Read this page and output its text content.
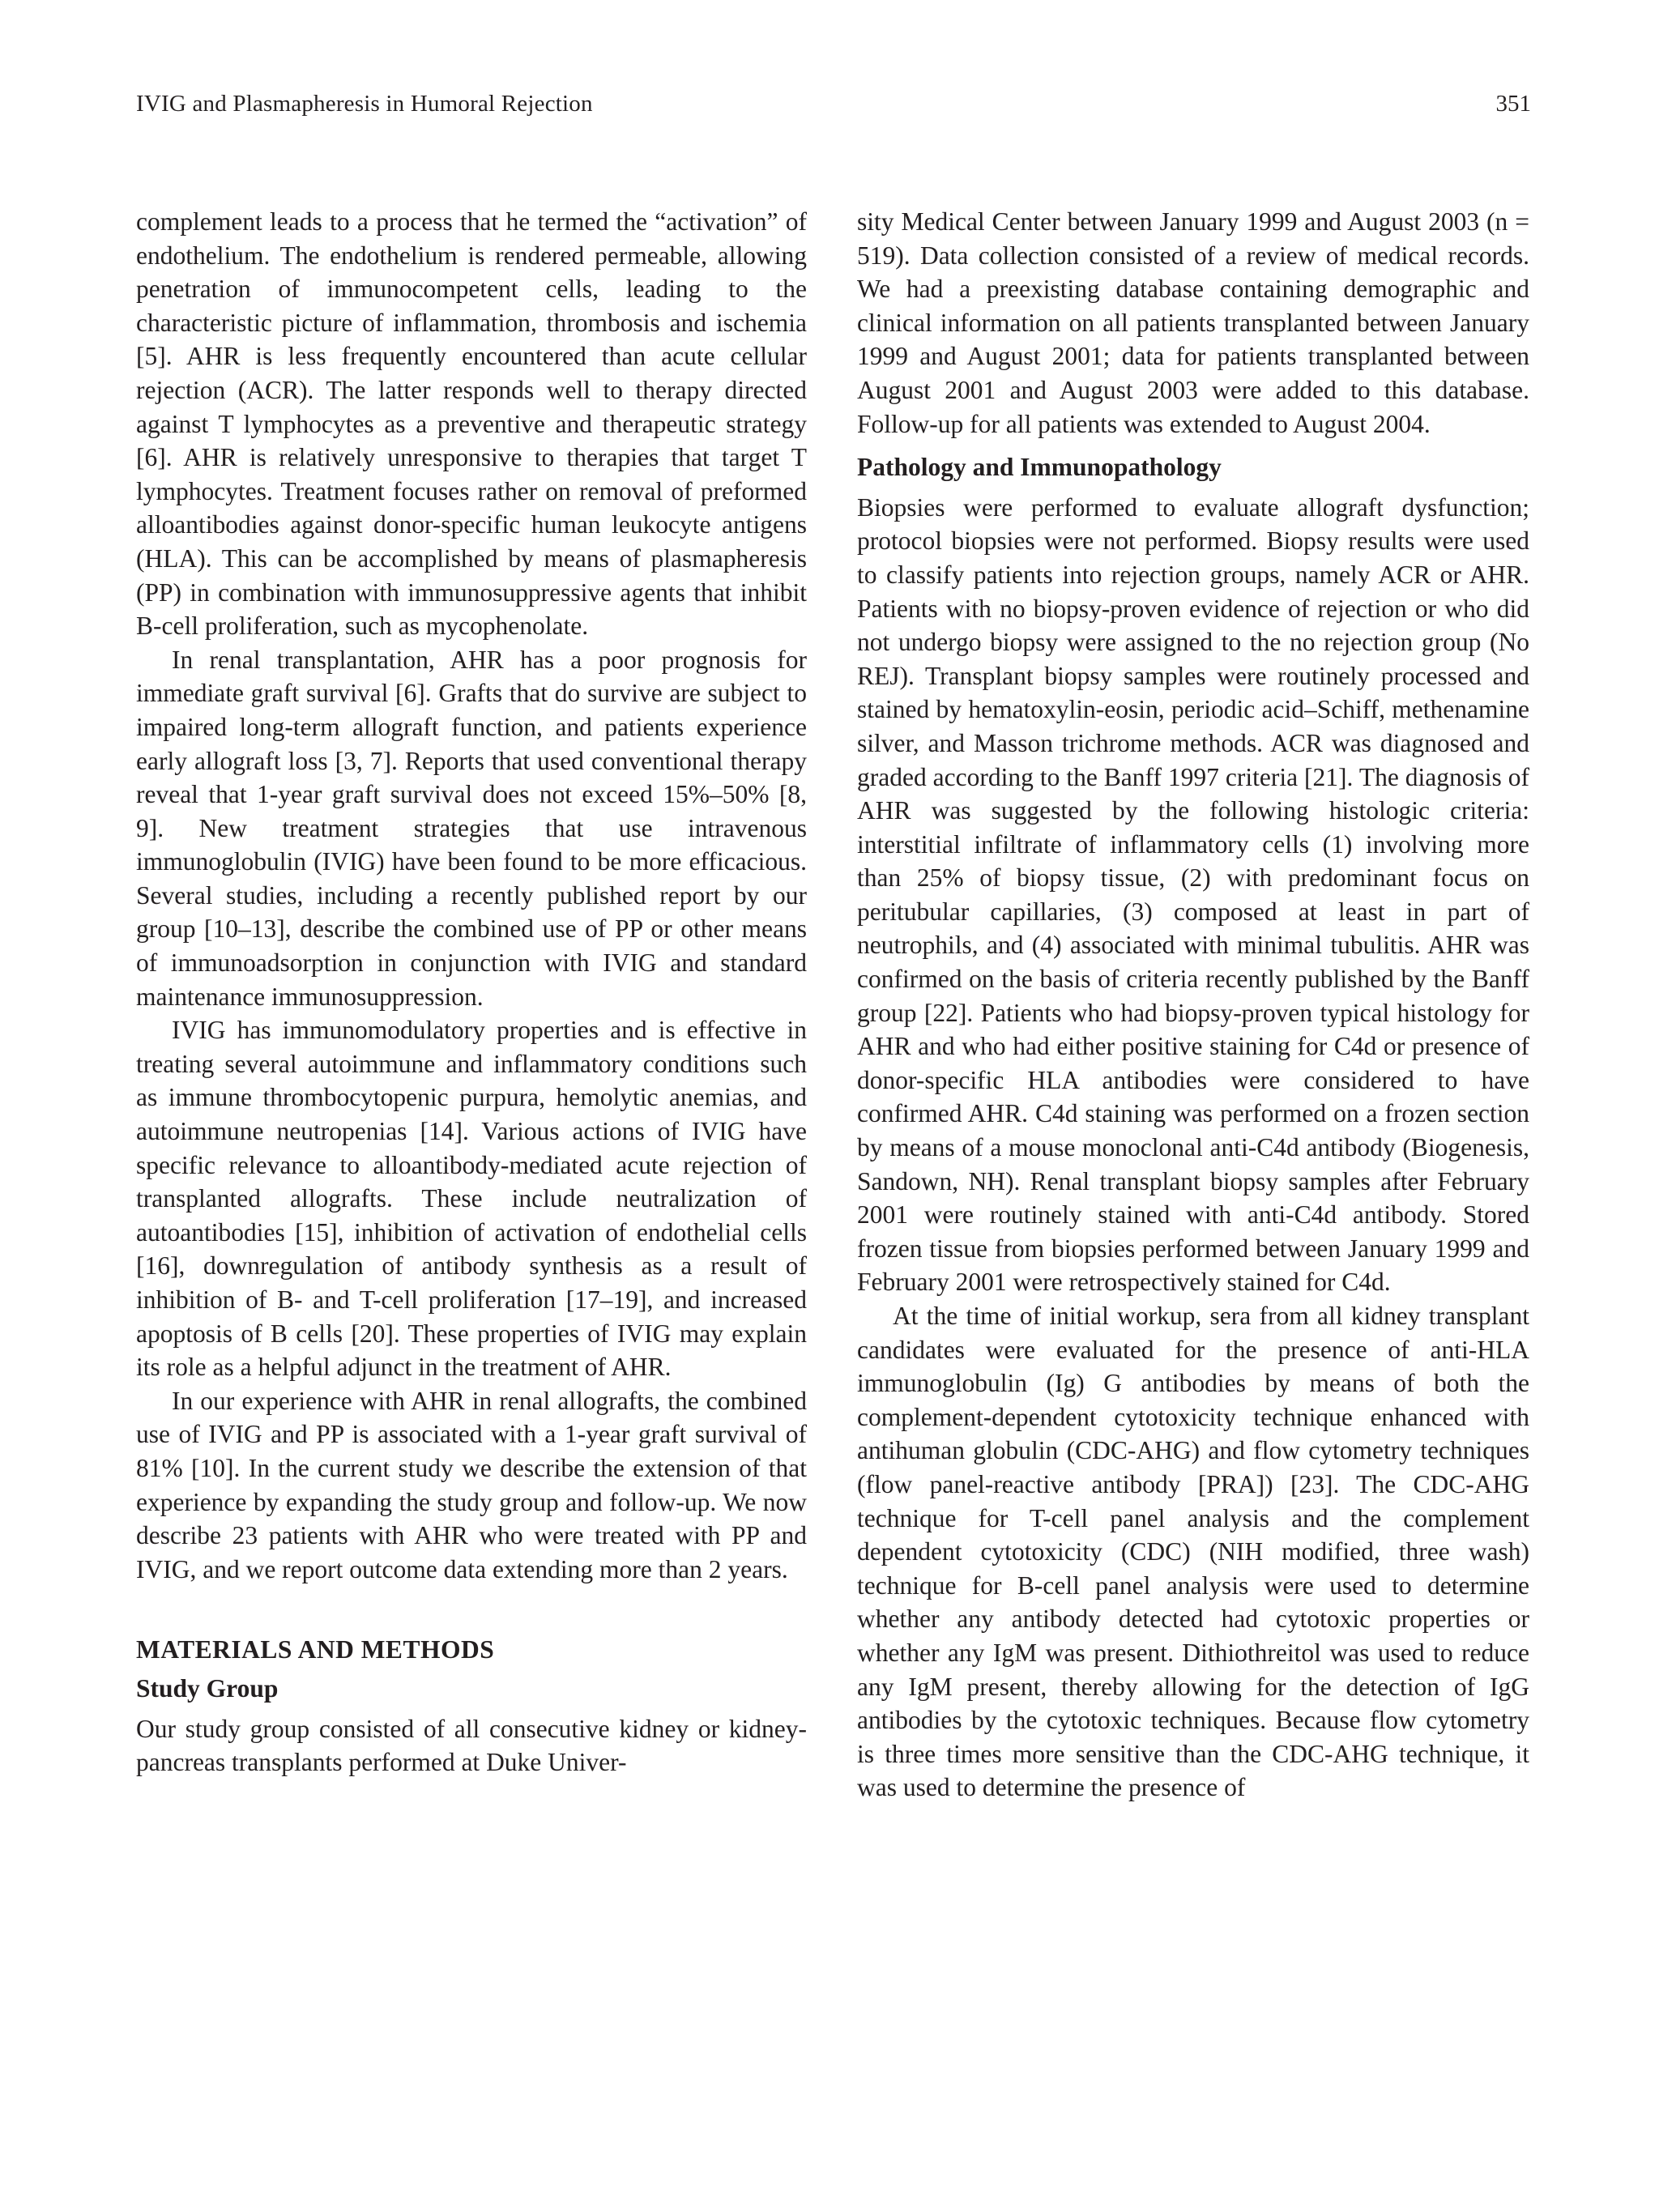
IVIG and Plasmapheresis in Humoral Rejection	351

complement leads to a process that he termed the “activation” of endothelium. The endothelium is rendered permeable, allowing penetration of immunocompetent cells, leading to the characteristic picture of inflammation, thrombosis and ischemia [5]. AHR is less frequently encountered than acute cellular rejection (ACR). The latter responds well to therapy directed against T lymphocytes as a preventive and therapeutic strategy [6]. AHR is relatively unresponsive to therapies that target T lymphocytes. Treatment focuses rather on removal of preformed alloantibodies against donor-specific human leukocyte antigens (HLA). This can be accomplished by means of plasmapheresis (PP) in combination with immunosuppressive agents that inhibit B-cell proliferation, such as mycophenolate.

In renal transplantation, AHR has a poor prognosis for immediate graft survival [6]. Grafts that do survive are subject to impaired long-term allograft function, and patients experience early allograft loss [3, 7]. Reports that used conventional therapy reveal that 1-year graft survival does not exceed 15%–50% [8, 9]. New treatment strategies that use intravenous immunoglobulin (IVIG) have been found to be more efficacious. Several studies, including a recently published report by our group [10–13], describe the combined use of PP or other means of immunoadsorption in conjunction with IVIG and standard maintenance immunosuppression.

IVIG has immunomodulatory properties and is effective in treating several autoimmune and inflammatory conditions such as immune thrombocytopenic purpura, hemolytic anemias, and autoimmune neutropenias [14]. Various actions of IVIG have specific relevance to alloantibody-mediated acute rejection of transplanted allografts. These include neutralization of autoantibodies [15], inhibition of activation of endothelial cells [16], downregulation of antibody synthesis as a result of inhibition of B- and T-cell proliferation [17–19], and increased apoptosis of B cells [20]. These properties of IVIG may explain its role as a helpful adjunct in the treatment of AHR.

In our experience with AHR in renal allografts, the combined use of IVIG and PP is associated with a 1-year graft survival of 81% [10]. In the current study we describe the extension of that experience by expanding the study group and follow-up. We now describe 23 patients with AHR who were treated with PP and IVIG, and we report outcome data extending more than 2 years.

MATERIALS AND METHODS
Study Group

Our study group consisted of all consecutive kidney or kidney-pancreas transplants performed at Duke Univer-

sity Medical Center between January 1999 and August 2003 (n = 519). Data collection consisted of a review of medical records. We had a preexisting database containing demographic and clinical information on all patients transplanted between January 1999 and August 2001; data for patients transplanted between August 2001 and August 2003 were added to this database. Follow-up for all patients was extended to August 2004.

Pathology and Immunopathology

Biopsies were performed to evaluate allograft dysfunction; protocol biopsies were not performed. Biopsy results were used to classify patients into rejection groups, namely ACR or AHR. Patients with no biopsy-proven evidence of rejection or who did not undergo biopsy were assigned to the no rejection group (No REJ). Transplant biopsy samples were routinely processed and stained by hematoxylin-eosin, periodic acid–Schiff, methenamine silver, and Masson trichrome methods. ACR was diagnosed and graded according to the Banff 1997 criteria [21]. The diagnosis of AHR was suggested by the following histologic criteria: interstitial infiltrate of inflammatory cells (1) involving more than 25% of biopsy tissue, (2) with predominant focus on peritubular capillaries, (3) composed at least in part of neutrophils, and (4) associated with minimal tubulitis. AHR was confirmed on the basis of criteria recently published by the Banff group [22]. Patients who had biopsy-proven typical histology for AHR and who had either positive staining for C4d or presence of donor-specific HLA antibodies were considered to have confirmed AHR. C4d staining was performed on a frozen section by means of a mouse monoclonal anti-C4d antibody (Biogenesis, Sandown, NH). Renal transplant biopsy samples after February 2001 were routinely stained with anti-C4d antibody. Stored frozen tissue from biopsies performed between January 1999 and February 2001 were retrospectively stained for C4d.

At the time of initial workup, sera from all kidney transplant candidates were evaluated for the presence of anti-HLA immunoglobulin (Ig) G antibodies by means of both the complement-dependent cytotoxicity technique enhanced with antihuman globulin (CDC-AHG) and flow cytometry techniques (flow panel-reactive antibody [PRA]) [23]. The CDC-AHG technique for T-cell panel analysis and the complement dependent cytotoxicity (CDC) (NIH modified, three wash) technique for B-cell panel analysis were used to determine whether any antibody detected had cytotoxic properties or whether any IgM was present. Dithiothreitol was used to reduce any IgM present, thereby allowing for the detection of IgG antibodies by the cytotoxic techniques. Because flow cytometry is three times more sensitive than the CDC-AHG technique, it was used to determine the presence of
